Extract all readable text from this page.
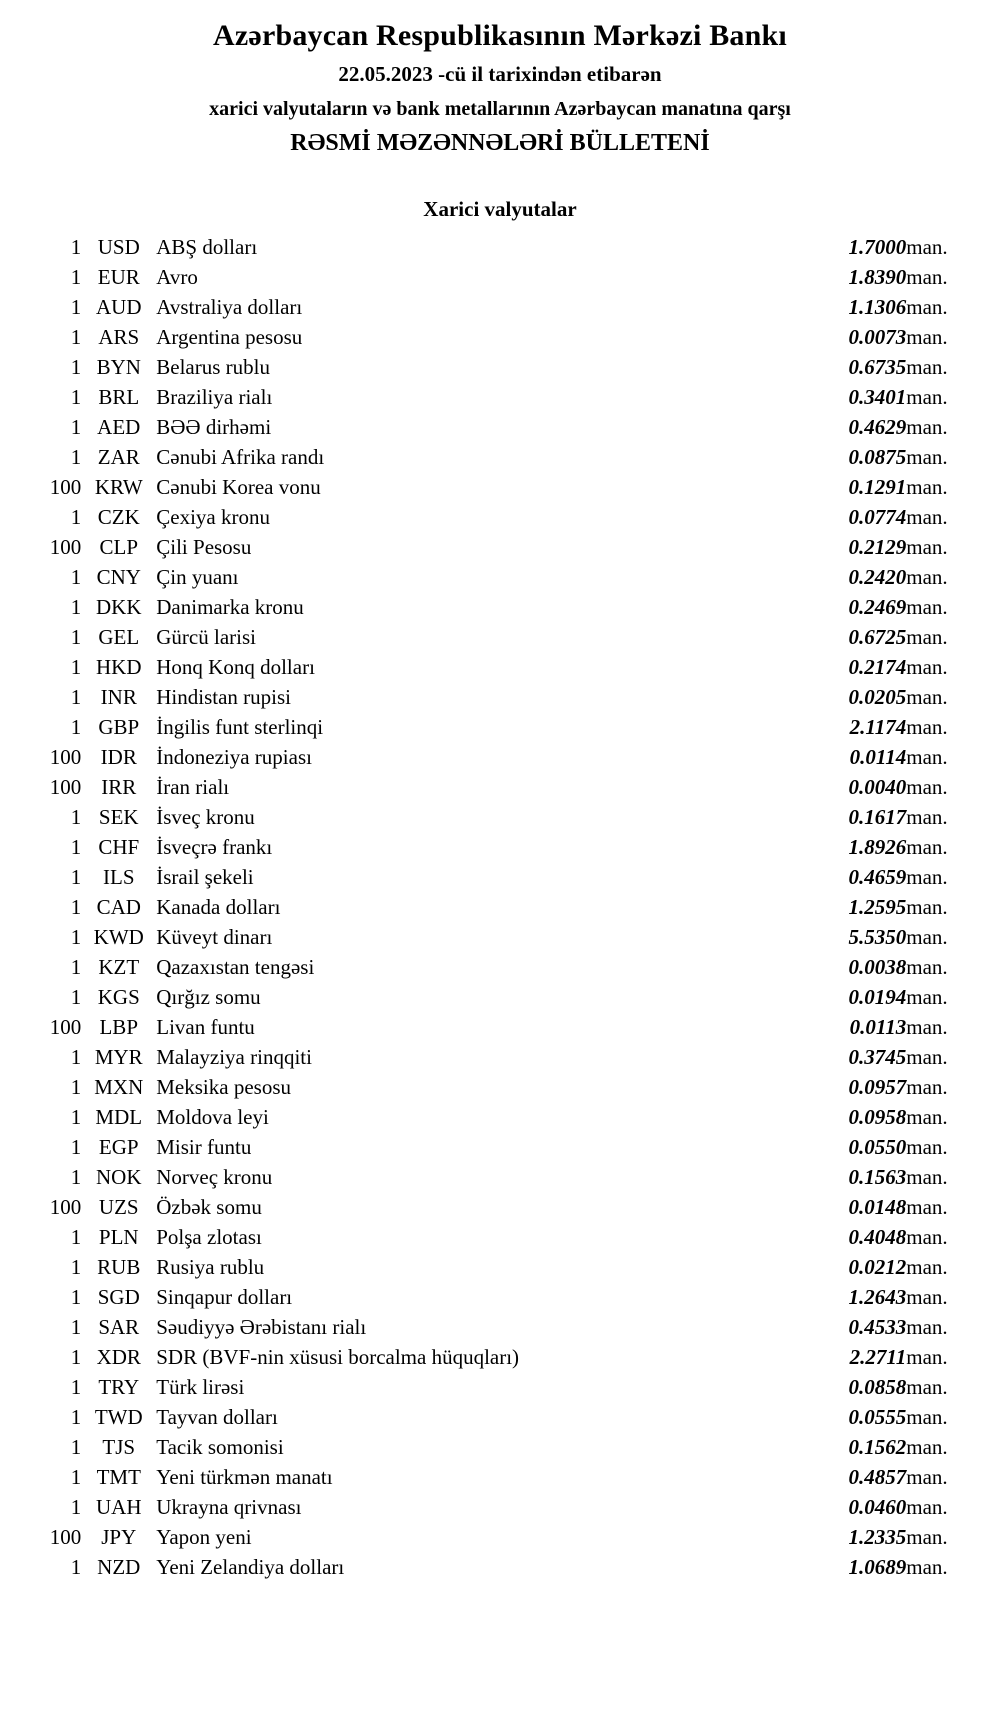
Azərbaycan Respublikasının Mərkəzi Bankı
22.05.2023 -cü il tarixindən etibarən
xarici valyutaların və bank metallarının Azərbaycan manatına qarşı
RƏSMİ MƏZƏNNƏLƏRİ BÜLLETENİ
Xarici valyutalar
1	USD	ABŞ dolları	1.7000	man.
1	EUR	Avro	1.8390	man.
1	AUD	Avstraliya dolları	1.1306	man.
1	ARS	Argentina pesosu	0.0073	man.
1	BYN	Belarus rublu	0.6735	man.
1	BRL	Braziliya rialı	0.3401	man.
1	AED	BƏƏ dirhəmi	0.4629	man.
1	ZAR	Cənubi Afrika randı	0.0875	man.
100	KRW	Cənubi Korea vonu	0.1291	man.
1	CZK	Çexiya kronu	0.0774	man.
100	CLP	Çili Pesosu	0.2129	man.
1	CNY	Çin yuanı	0.2420	man.
1	DKK	Danimarka kronu	0.2469	man.
1	GEL	Gürcü larisi	0.6725	man.
1	HKD	Honq Konq dolları	0.2174	man.
1	INR	Hindistan rupisi	0.0205	man.
1	GBP	İngilis funt sterlinqi	2.1174	man.
100	IDR	İndoneziya rupiası	0.0114	man.
100	IRR	İran rialı	0.0040	man.
1	SEK	İsveç kronu	0.1617	man.
1	CHF	İsveçrə frankı	1.8926	man.
1	ILS	İsrail şekeli	0.4659	man.
1	CAD	Kanada dolları	1.2595	man.
1	KWD	Küveyt dinarı	5.5350	man.
1	KZT	Qazaxıstan tengəsi	0.0038	man.
1	KGS	Qırğız somu	0.0194	man.
100	LBP	Livan funtu	0.0113	man.
1	MYR	Malayziya rinqqiti	0.3745	man.
1	MXN	Meksika pesosu	0.0957	man.
1	MDL	Moldova leyi	0.0958	man.
1	EGP	Misir funtu	0.0550	man.
1	NOK	Norveç kronu	0.1563	man.
100	UZS	Özbək somu	0.0148	man.
1	PLN	Polşa zlotası	0.4048	man.
1	RUB	Rusiya rublu	0.0212	man.
1	SGD	Sinqapur dolları	1.2643	man.
1	SAR	Səudiyyə Ərəbistanı rialı	0.4533	man.
1	XDR	SDR (BVF-nin xüsusi borcalma hüquqları)	2.2711	man.
1	TRY	Türk lirəsi	0.0858	man.
1	TWD	Tayvan dolları	0.0555	man.
1	TJS	Tacik somonisi	0.1562	man.
1	TMT	Yeni türkmən manatı	0.4857	man.
1	UAH	Ukrayna qrivnası	0.0460	man.
100	JPY	Yapon yeni	1.2335	man.
1	NZD	Yeni Zelandiya dolları	1.0689	man.
